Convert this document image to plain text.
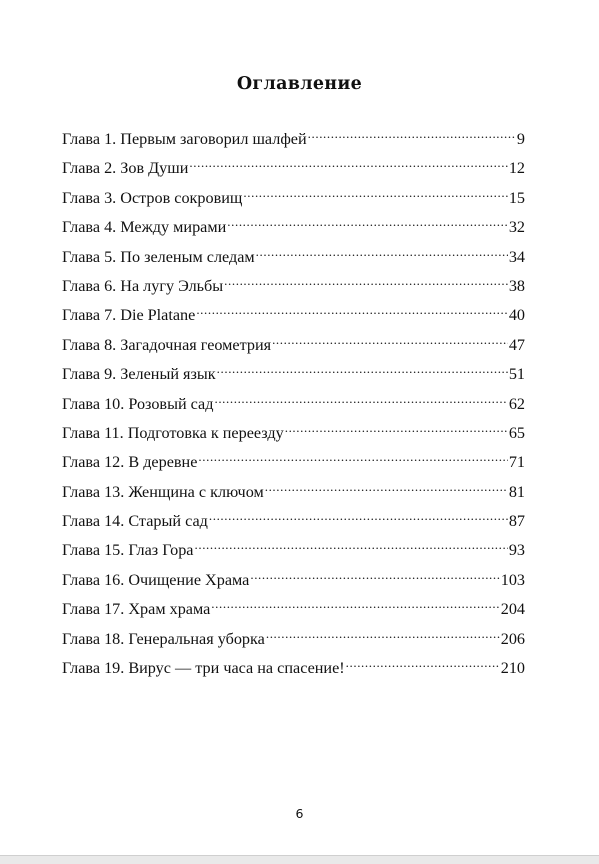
Оглавление
Глава 1. Первым заговорил шалфей .....	9
Глава 2. Зов Души .....	12
Глава 3. Остров сокровищ .....	15
Глава 4. Между мирами .....	32
Глава 5. По зеленым следам .....	34
Глава 6. На лугу Эльбы .....	38
Глава 7. Die Platane .....	40
Глава 8. Загадочная геометрия .....	47
Глава 9. Зеленый язык .....	51
Глава 10. Розовый сад .....	62
Глава 11. Подготовка к переезду .....	65
Глава 12. В деревне .....	71
Глава 13. Женщина с ключом .....	81
Глава 14. Старый сад .....	87
Глава 15. Глаз Гора .....	93
Глава 16. Очищение Храма .....	103
Глава 17. Храм храма .....	204
Глава 18. Генеральная уборка .....	206
Глава 19. Вирус — три часа на спасение! .....	210
6
